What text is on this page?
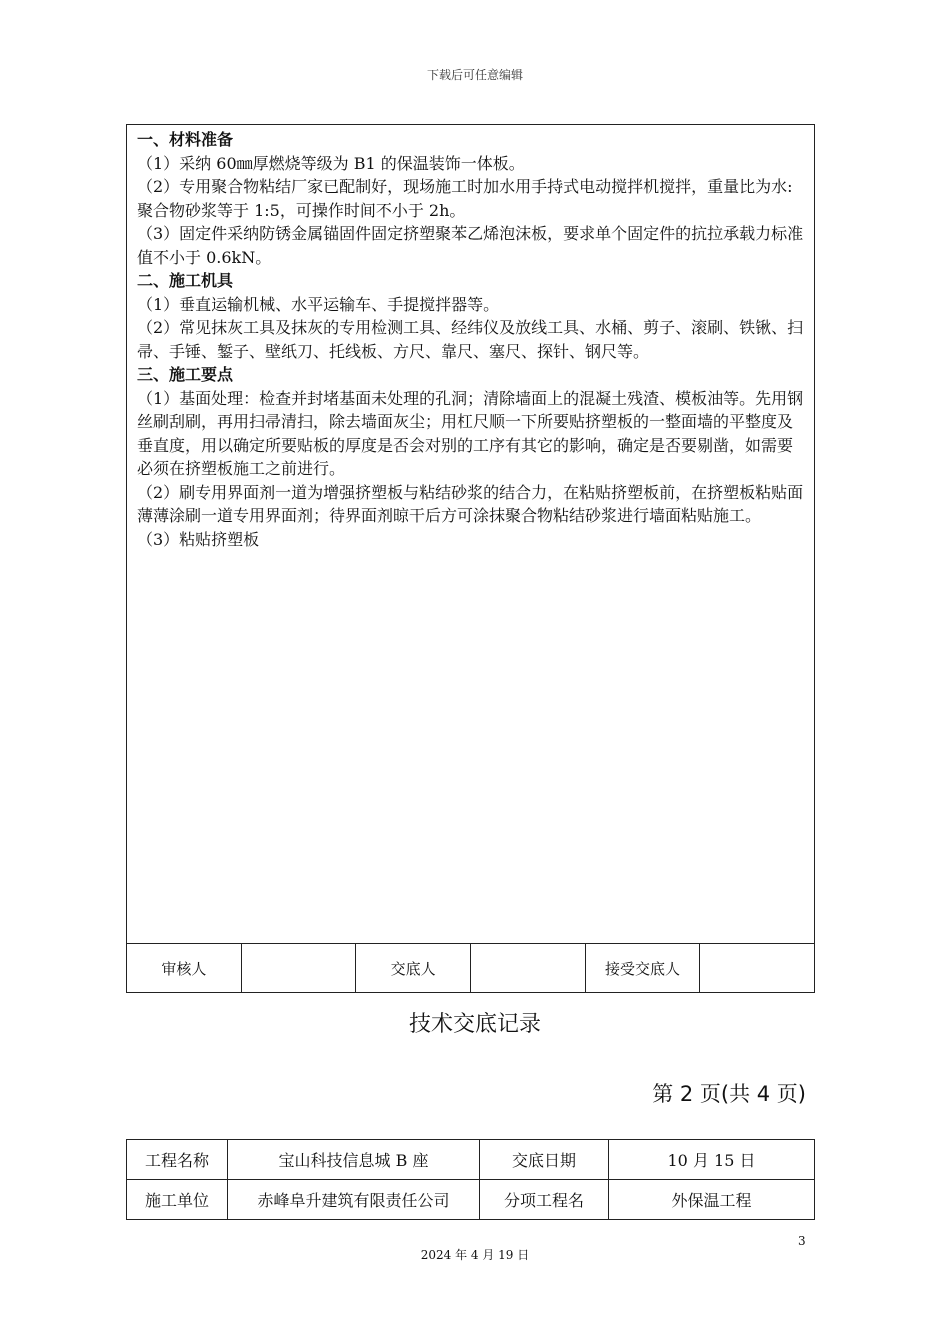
下载后可任意编辑

一、材料准备

（1）采纳 60㎜厚燃烧等级为 B1 的保温装饰一体板。

（2）专用聚合物粘结厂家已配制好，现场施工时加水用手持式电动搅拌机搅拌，重量比为水:聚合物砂浆等于 1:5，可操作时间不小于 2h。

（3）固定件采纳防锈金属锚固件固定挤塑聚苯乙烯泡沫板，要求单个固定件的抗拉承载力标准值不小于 0.6kN。

二、施工机具

（1）垂直运输机械、水平运输车、手提搅拌器等。

（2）常见抹灰工具及抹灰的专用检测工具、经纬仪及放线工具、水桶、剪子、滚刷、铁锹、扫帚、手锤、錾子、壁纸刀、托线板、方尺、靠尺、塞尺、探针、钢尺等。

三、施工要点

（1）基面处理：检查并封堵基面未处理的孔洞；清除墙面上的混凝土残渣、模板油等。先用钢丝刷刮刷，再用扫帚清扫，除去墙面灰尘；用杠尺顺一下所要贴挤塑板的一整面墙的平整度及垂直度，用以确定所要贴板的厚度是否会对别的工序有其它的影响，确定是否要剔凿，如需要必须在挤塑板施工之前进行。

（2）刷专用界面剂一道为增强挤塑板与粘结砂浆的结合力，在粘贴挤塑板前，在挤塑板粘贴面薄薄涂刷一道专用界面剂；待界面剂晾干后方可涂抹聚合物粘结砂浆进行墙面粘贴施工。

（3）粘贴挤塑板

审核人	交底人	接受交底人
技术交底记录
第 2 页(共 4 页)
工程名称	宝山科技信息城 B 座	交底日期	10 月 15 日
施工单位	赤峰阜升建筑有限责任公司	分项工程名	外保温工程
3
2024 年 4 月 19 日
